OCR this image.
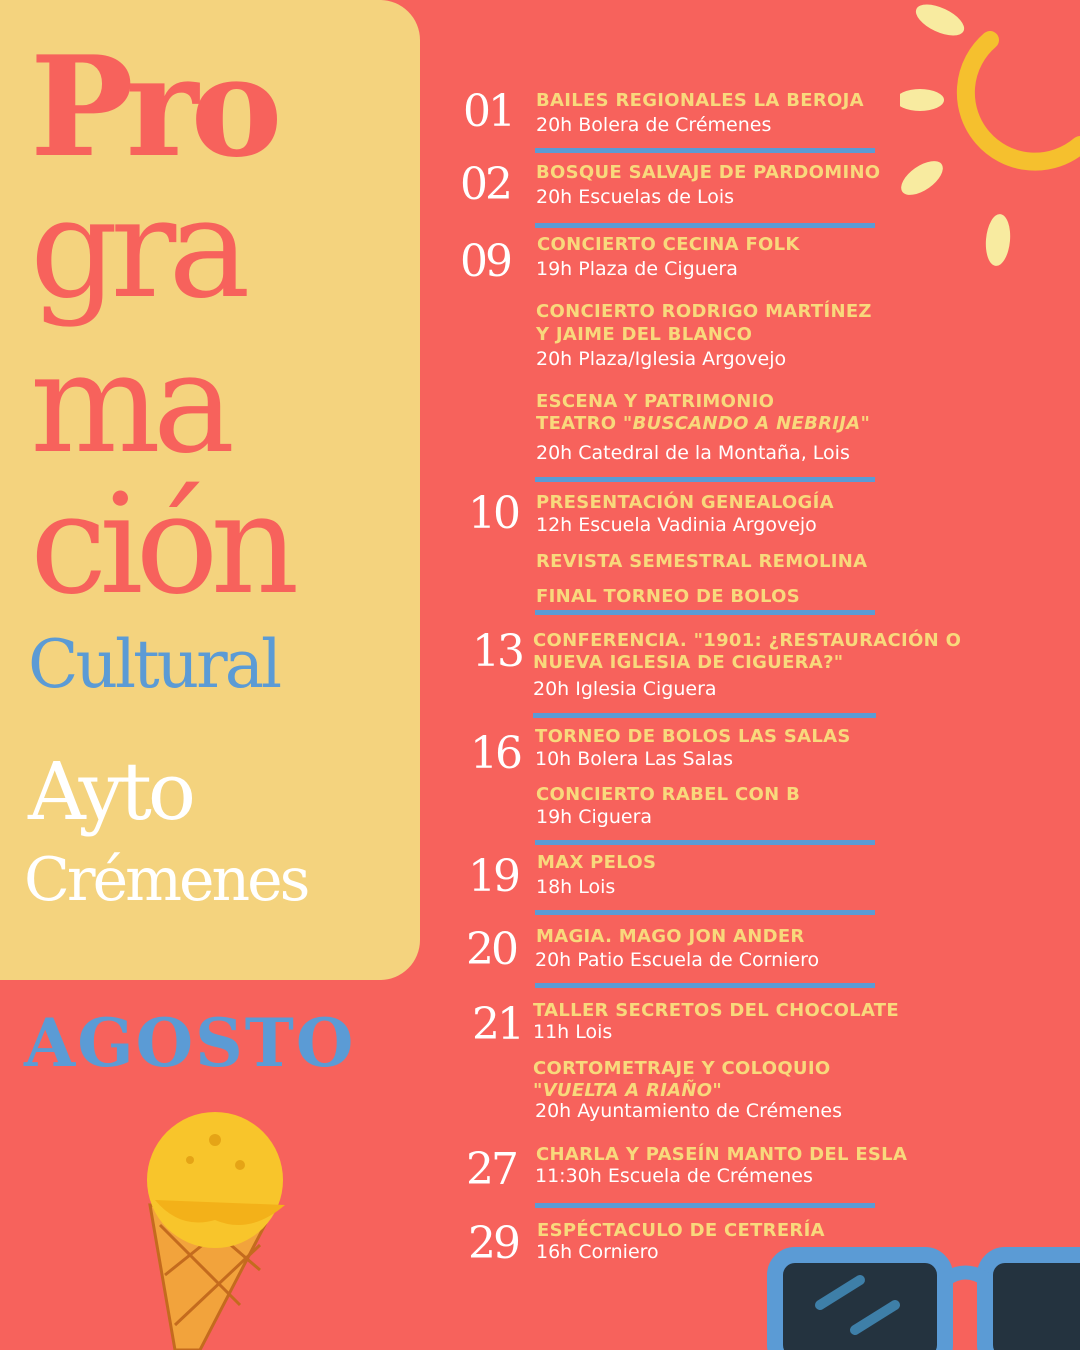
Pro
gra
ma
ción
Cultural
Ayto
Crémenes
AGOSTO
01 BAILES REGIONALES LA BEROJA
20h Bolera de Crémenes
02 BOSQUE SALVAJE DE PARDOMINO
20h Escuelas de Lois
09 CONCIERTO CECINA FOLK
19h Plaza de Ciguera
CONCIERTO RODRIGO MARTÍNEZ
Y JAIME DEL BLANCO
20h Plaza/Iglesia Argovejo
ESCENA Y PATRIMONIO
TEATRO "BUSCANDO A NEBRIJA"
20h Catedral de la Montaña, Lois
10 PRESENTACIÓN GENEALOGÍA
12h Escuela Vadinia Argovejo
REVISTA SEMESTRAL REMOLINA
FINAL TORNEO DE BOLOS
13 CONFERENCIA. "1901: ¿RESTAURACIÓN O
NUEVA IGLESIA DE CIGUERA?"
20h Iglesia Ciguera
16 TORNEO DE BOLOS LAS SALAS
10h Bolera Las Salas
CONCIERTO RABEL CON B
19h Ciguera
19 MAX PELOS
18h Lois
20 MAGIA. MAGO JON ANDER
20h Patio Escuela de Corniero
21 TALLER SECRETOS DEL CHOCOLATE
11h Lois
CORTOMETRAJE Y COLOQUIO
"VUELTA A RIAÑO"
20h Ayuntamiento de Crémenes
27 CHARLA Y PASEÍN MANTO DEL ESLA
11:30h Escuela de Crémenes
29 ESPÉCTACULO DE CETRERÍA
16h Corniero
